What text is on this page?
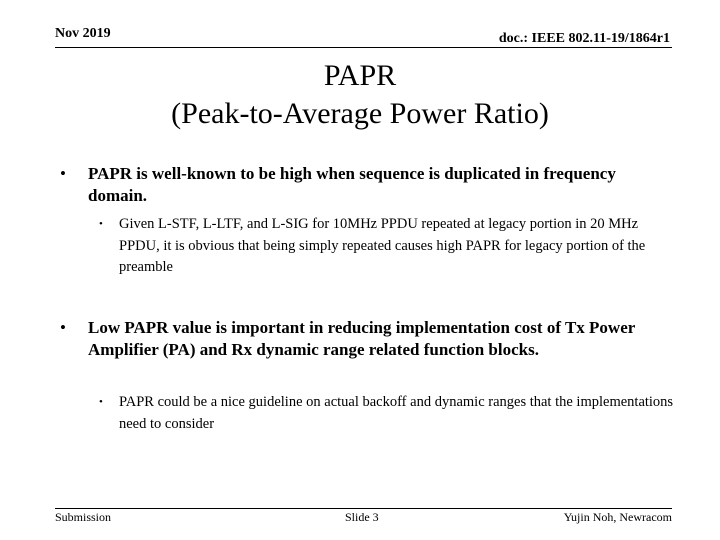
Nov 2019	doc.: IEEE 802.11-19/1864r1
PAPR
(Peak-to-Average Power Ratio)
• PAPR is well-known to be high when sequence is duplicated in frequency domain.
• Given L-STF, L-LTF, and L-SIG for 10MHz PPDU repeated at legacy portion in 20 MHz PPDU, it is obvious that being simply repeated causes high PAPR for legacy portion of the preamble
• Low PAPR value is important in reducing implementation cost of Tx Power Amplifier (PA) and Rx dynamic range related function blocks.
• PAPR could be a nice guideline on actual backoff and dynamic ranges that the implementations need to consider
Submission	Slide 3	Yujin Noh, Newracom
